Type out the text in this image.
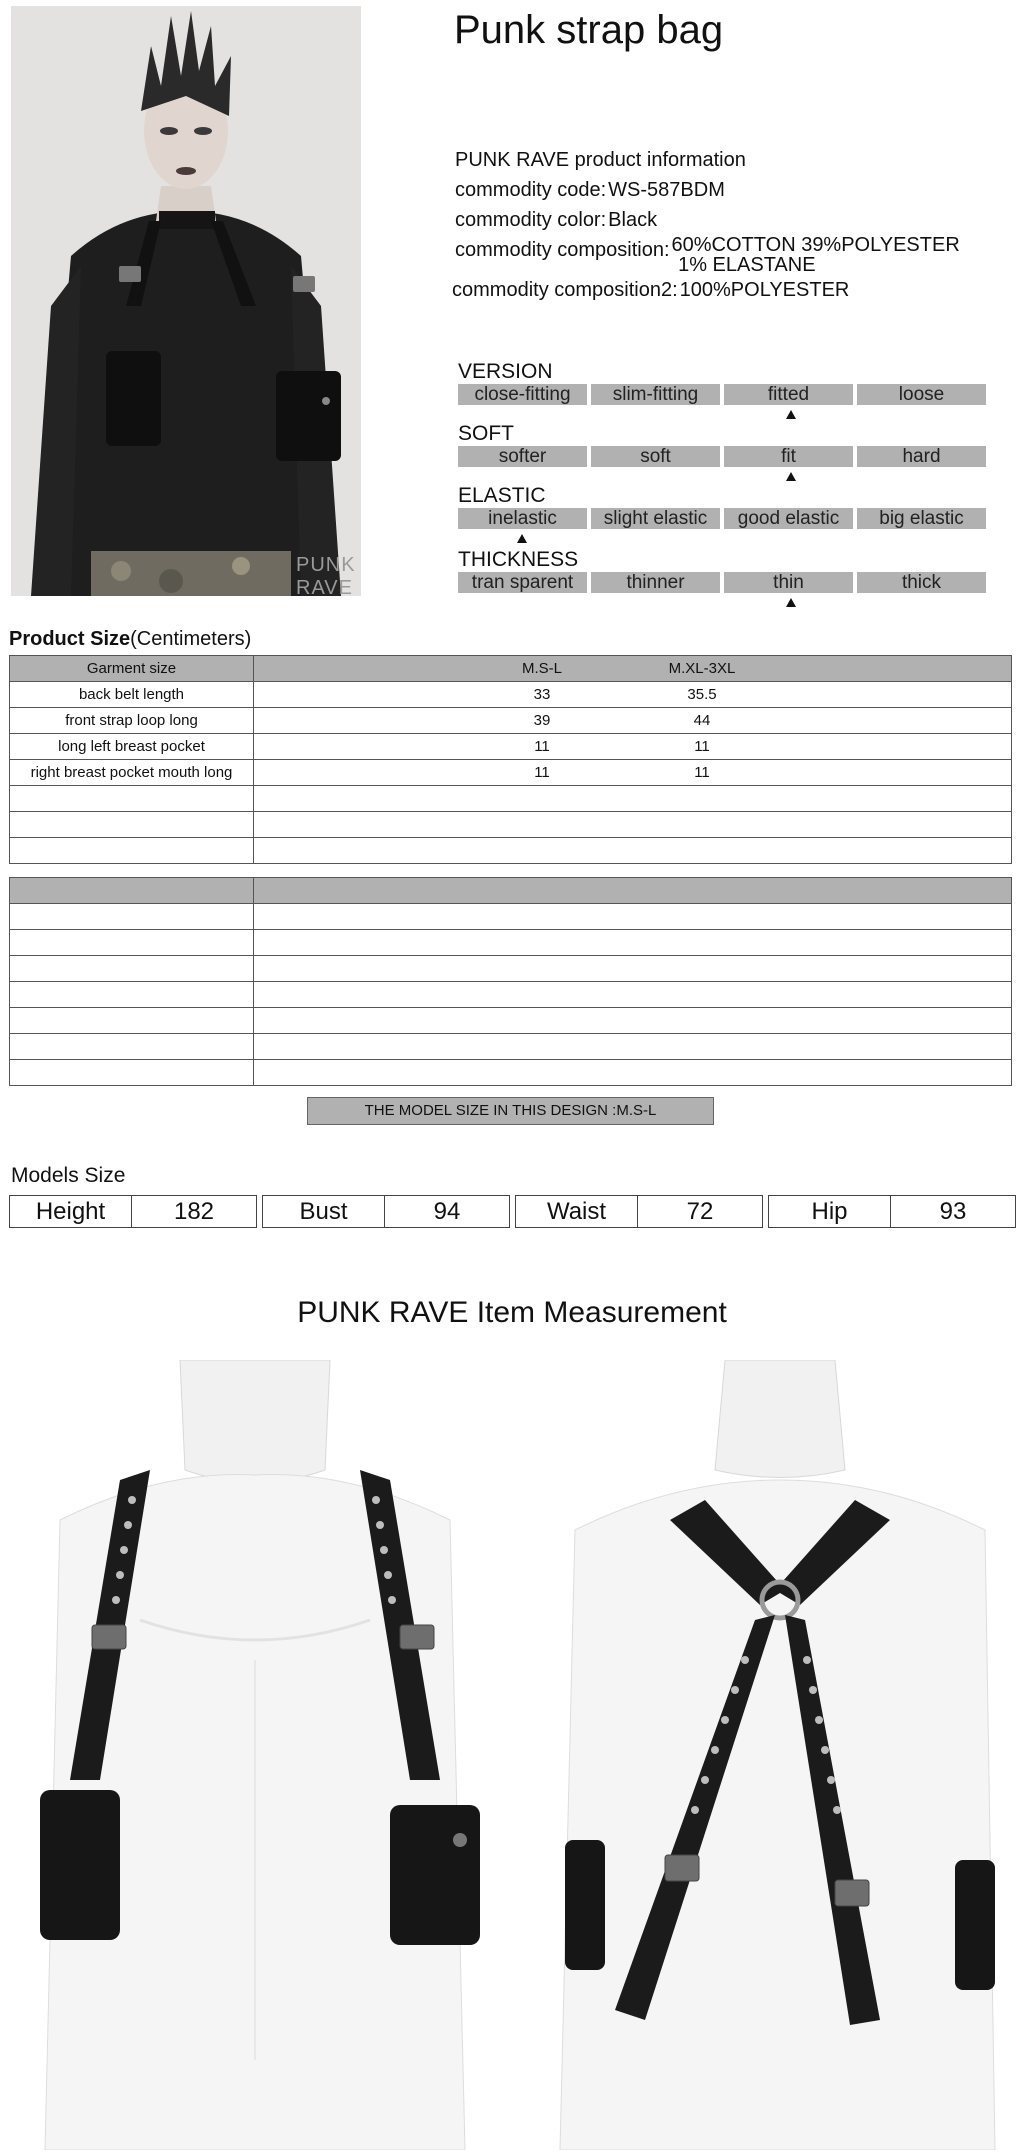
PUNK RAVE
Punk strap bag
PUNK RAVE product information
commodity code: WS-587BDM
commodity color: Black
commodity composition: 60%COTTON 39%POLYESTER
1% ELASTANE
commodity composition2: 100%POLYESTER
VERSION
close-fitting	slim-fitting	fitted	loose
SOFT
softer	soft	fit	hard
ELASTIC
inelastic	slight elastic	good elastic	big elastic
THICKNESS
tran sparent	thinner	thin	thick
Product Size(Centimeters)
Garment size	M.S-L M.XL-3XL

back belt length	33 35.5

front strap loop long	39 44

long left breast pocket	11 11

right breast pocket mouth long	11 11

THE MODEL SIZE IN THIS DESIGN :M.S-L
Models Size
Height	182	Bust	94	Waist	72	Hip	93
PUNK RAVE Item Measurement
